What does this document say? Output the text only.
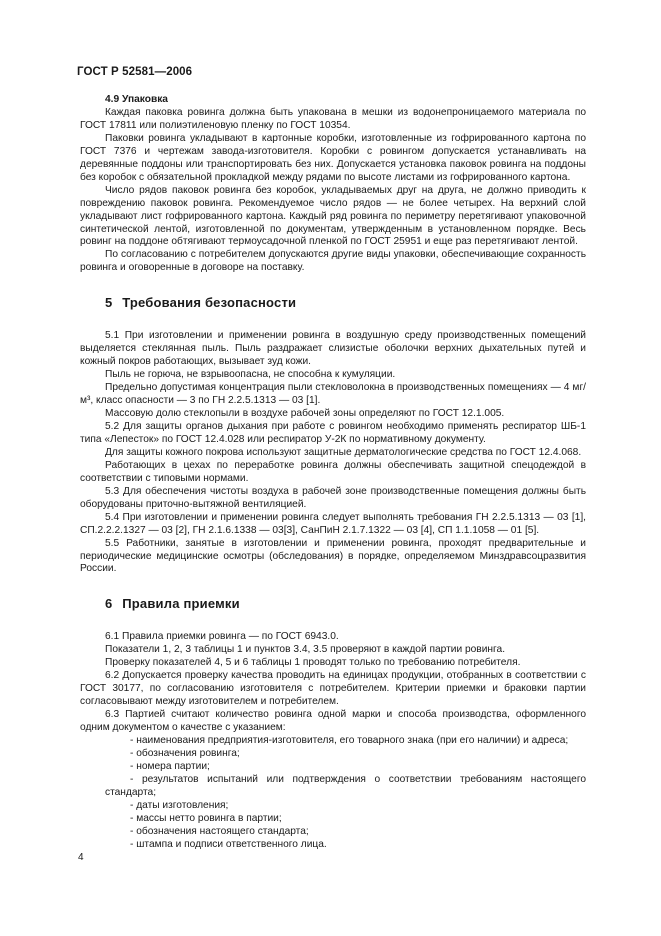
ГОСТ Р 52581—2006

4.9 Упаковка

Каждая паковка ровинга должна быть упакована в мешки из водонепроницаемого материала по ГОСТ 17811 или полиэтиленовую пленку по ГОСТ 10354.

Паковки ровинга укладывают в картонные коробки, изготовленные из гофрированного картона по ГОСТ 7376 и чертежам завода-изготовителя. Коробки с ровингом допускается устанавливать на деревянные поддоны или транспортировать без них. Допускается установка паковок ровинга на поддоны без коробок с обязательной прокладкой между рядами по высоте листами из гофрированного картона.

Число рядов паковок ровинга без коробок, укладываемых друг на друга, не должно приводить к повреждению паковок ровинга. Рекомендуемое число рядов — не более четырех. На верхний слой укладывают лист гофрированного картона. Каждый ряд ровинга по периметру перетягивают упаковочной синтетической лентой, изготовленной по документам, утвержденным в установленном порядке. Весь ровинг на поддоне обтягивают термоусадочной пленкой по ГОСТ 25951 и еще раз перетягивают лентой.

По согласованию с потребителем допускаются другие виды упаковки, обеспечивающие сохранность ровинга и оговоренные в договоре на поставку.

5 Требования безопасности

5.1 При изготовлении и применении ровинга в воздушную среду производственных помещений выделяется стеклянная пыль. Пыль раздражает слизистые оболочки верхних дыхательных путей и кожный покров работающих, вызывает зуд кожи.

Пыль не горюча, не взрывоопасна, не способна к кумуляции.

Предельно допустимая концентрация пыли стекловолокна в производственных помещениях — 4 мг/м³, класс опасности — 3 по ГН 2.2.5.1313 — 03 [1].

Массовую долю стеклопыли в воздухе рабочей зоны определяют по ГОСТ 12.1.005.

5.2 Для защиты органов дыхания при работе с ровингом необходимо применять респиратор ШБ-1 типа «Лепесток» по ГОСТ 12.4.028 или респиратор У-2К по нормативному документу.

Для защиты кожного покрова используют защитные дерматологические средства по ГОСТ 12.4.068.

Работающих в цехах по переработке ровинга должны обеспечивать защитной спецодеждой в соответствии с типовыми нормами.

5.3 Для обеспечения чистоты воздуха в рабочей зоне производственные помещения должны быть оборудованы приточно-вытяжной вентиляцией.

5.4 При изготовлении и применении ровинга следует выполнять требования ГН 2.2.5.1313 — 03 [1], СП.2.2.2.1327 — 03 [2], ГН 2.1.6.1338 — 03[3], СанПиН 2.1.7.1322 — 03 [4], СП 1.1.1058 — 01 [5].

5.5 Работники, занятые в изготовлении и применении ровинга, проходят предварительные и периодические медицинские осмотры (обследования) в порядке, определяемом Минздравсоцразвития России.

6 Правила приемки

6.1 Правила приемки ровинга — по ГОСТ 6943.0.

Показатели 1, 2, 3 таблицы 1 и пунктов 3.4, 3.5 проверяют в каждой партии ровинга.

Проверку показателей 4, 5 и 6 таблицы 1 проводят только по требованию потребителя.

6.2 Допускается проверку качества проводить на единицах продукции, отобранных в соответствии с ГОСТ 30177, по согласованию изготовителя с потребителем. Критерии приемки и браковки партии согласовывают между изготовителем и потребителем.

6.3 Партией считают количество ровинга одной марки и способа производства, оформленного одним документом о качестве с указанием:

- наименования предприятия-изготовителя, его товарного знака (при его наличии) и адреса;

- обозначения ровинга;

- номера партии;

- результатов испытаний или подтверждения о соответствии требованиям настоящего стандарта;

- даты изготовления;

- массы нетто ровинга в партии;

- обозначения настоящего стандарта;

- штампа и подписи ответственного лица.

4
